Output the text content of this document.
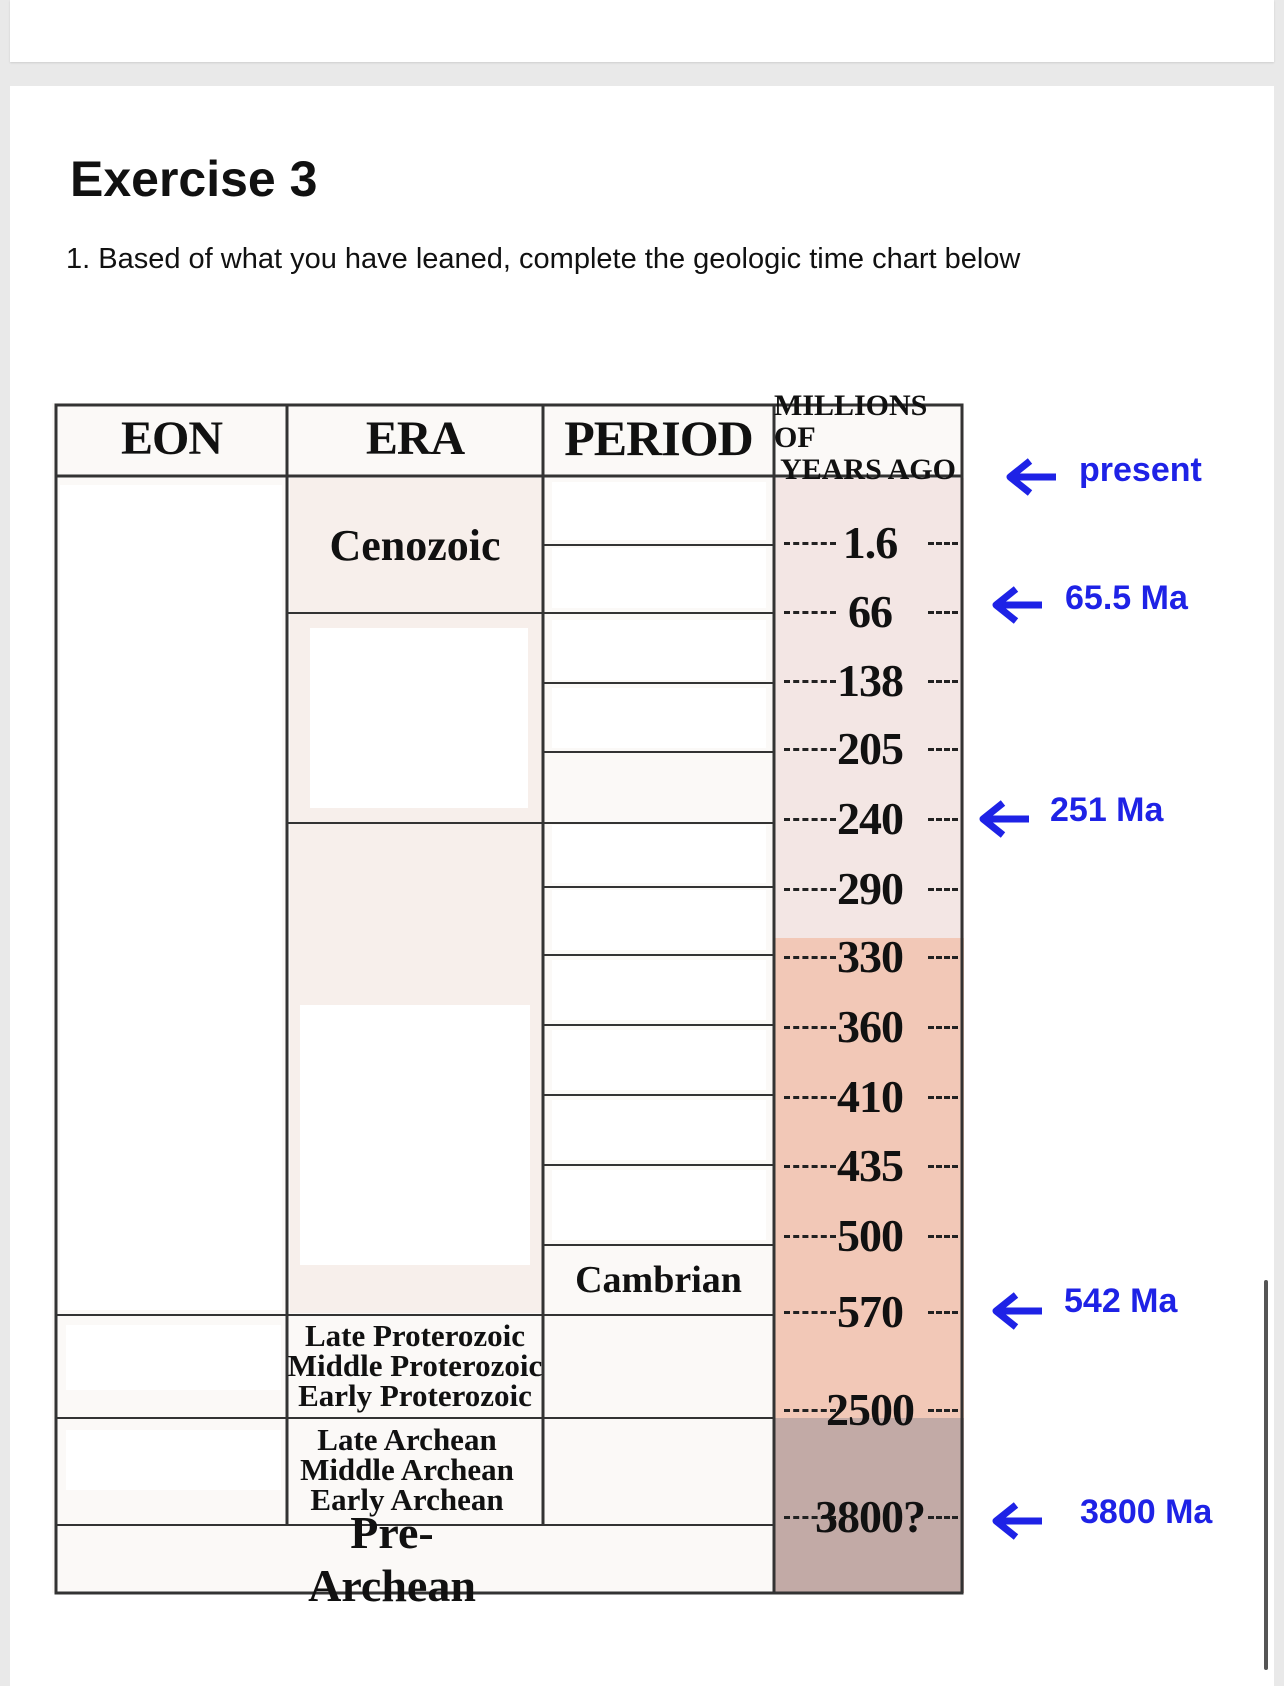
Exercise 3

1. Based of what you have leaned, complete the geologic time chart below

EON	ERA	PERIOD
MILLIONS OF
YEARS AGO
Cenozoic
Late Proterozoic
Middle Proterozoic
Early Proterozoic
Late Archean
Middle Archean
Early Archean
Pre-Archean
Cambrian
1.6
66
138
205
240
290
330
360
410
435
500
570
2500
3800?
present
65.5 Ma
251 Ma
542 Ma
3800 Ma
